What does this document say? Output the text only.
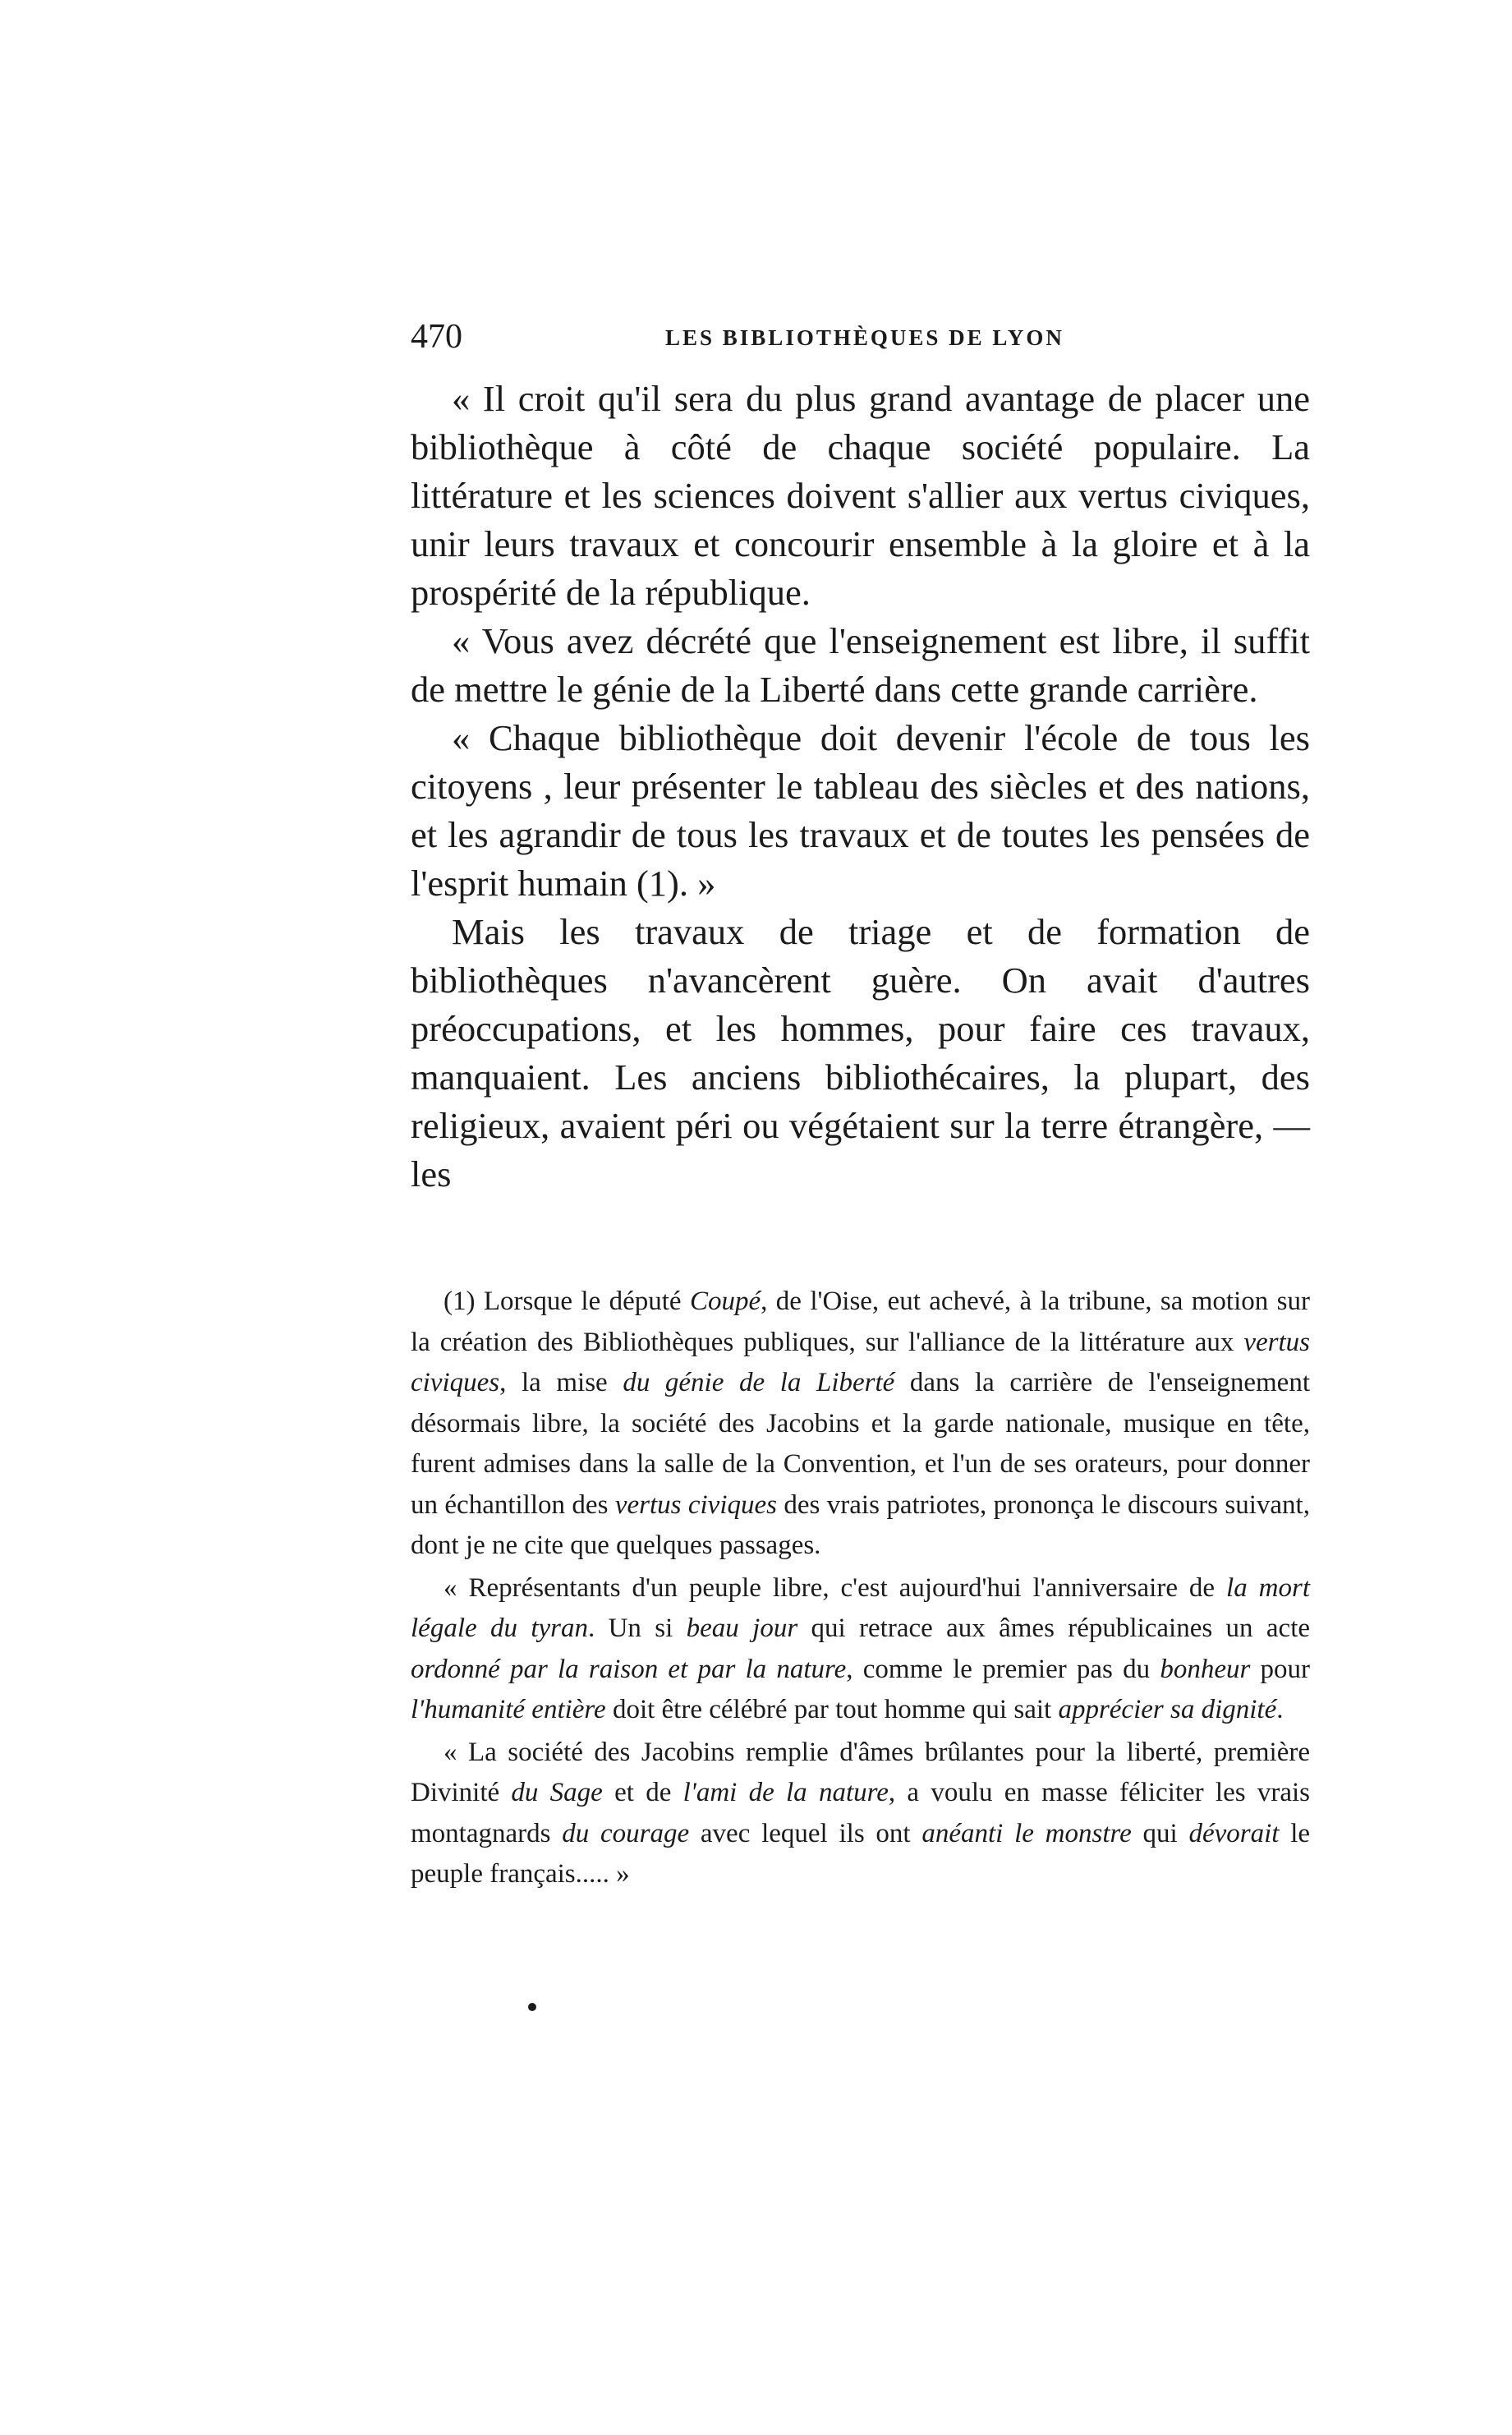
470	LES BIBLIOTHÈQUES DE LYON

« Il croit qu'il sera du plus grand avantage de placer une bibliothèque à côté de chaque société populaire. La littérature et les sciences doivent s'allier aux vertus civiques, unir leurs travaux et concourir ensemble à la gloire et à la prospérité de la république.

« Vous avez décrété que l'enseignement est libre, il suffit de mettre le génie de la Liberté dans cette grande carrière.

« Chaque bibliothèque doit devenir l'école de tous les citoyens , leur présenter le tableau des siècles et des nations, et les agrandir de tous les travaux et de toutes les pensées de l'esprit humain (1). »

Mais les travaux de triage et de formation de bibliothèques n'avancèrent guère. On avait d'autres préoccupations, et les hommes, pour faire ces travaux, manquaient. Les anciens bibliothécaires, la plupart, des religieux, avaient péri ou végétaient sur la terre étrangère, — les

(1) Lorsque le député Coupé, de l'Oise, eut achevé, à la tribune, sa motion sur la création des Bibliothèques publiques, sur l'alliance de la littérature aux vertus civiques, la mise du génie de la Liberté dans la carrière de l'enseignement désormais libre, la société des Jacobins et la garde nationale, musique en tête, furent admises dans la salle de la Convention, et l'un de ses orateurs, pour donner un échantillon des vertus civiques des vrais patriotes, prononça le discours suivant, dont je ne cite que quelques passages.

« Représentants d'un peuple libre, c'est aujourd'hui l'anniversaire de la mort légale du tyran. Un si beau jour qui retrace aux âmes républicaines un acte ordonné par la raison et par la nature, comme le premier pas du bonheur pour l'humanité entière doit être célébré par tout homme qui sait apprécier sa dignité.

« La société des Jacobins remplie d'âmes brûlantes pour la liberté, première Divinité du Sage et de l'ami de la nature, a voulu en masse féliciter les vrais montagnards du courage avec lequel ils ont anéanti le monstre qui dévorait le peuple français..... »
